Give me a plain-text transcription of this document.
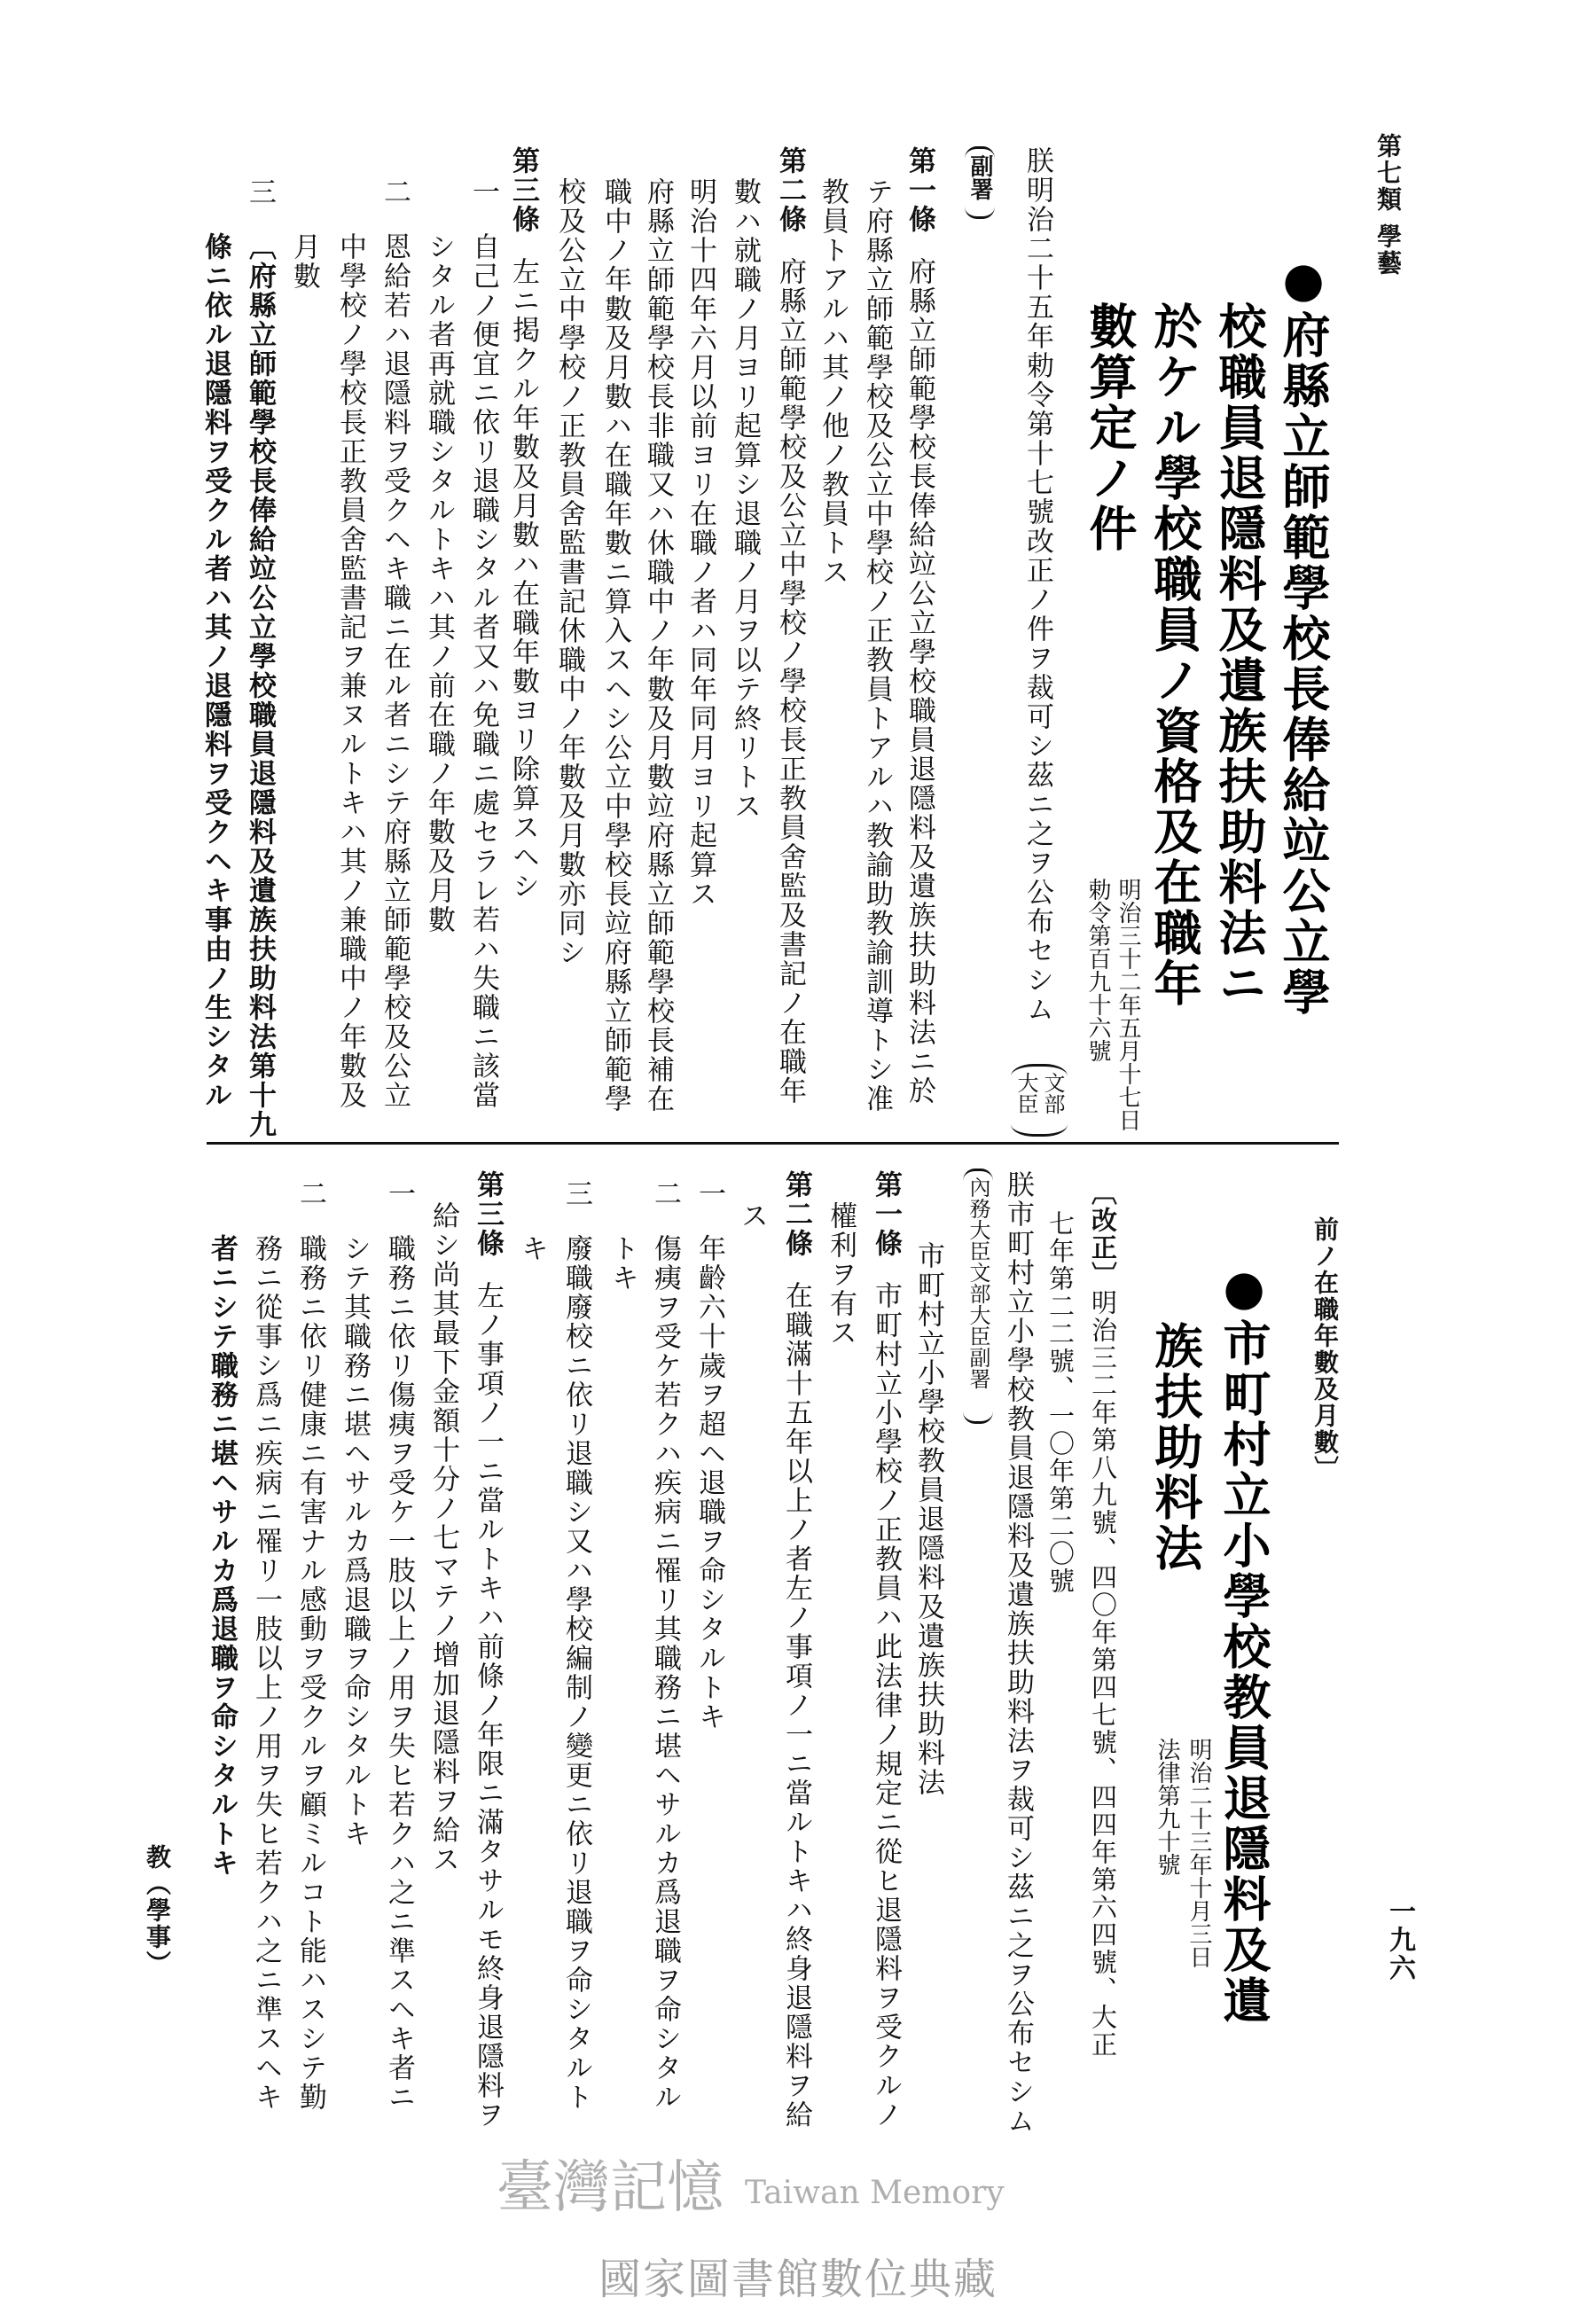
第七類 學藝
一九六
教（學事）
●府縣立師範學校長俸給竝公立學
校職員退隱料及遺族扶助料法ニ
於ケル學校職員ノ資格及在職年
數算定ノ件
明治三十二年五月十七日
勅令第百九十六號
朕明治二十五年勅令第十七號改正ノ件ヲ裁可シ茲ニ之ヲ公布セシム
文部大臣
副署
第一條府縣立師範學校長俸給竝公立學校職員退隱料及遺族扶助料法ニ於
テ府縣立師範學校及公立中學校ノ正教員トアルハ教諭助教諭訓導トシ准
教員トアルハ其ノ他ノ教員トス
第二條府縣立師範學校及公立中學校ノ學校長正教員舍監及書記ノ在職年
數ハ就職ノ月ヨリ起算シ退職ノ月ヲ以テ終リトス
明治十四年六月以前ヨリ在職ノ者ハ同年同月ヨリ起算ス
府縣立師範學校長非職又ハ休職中ノ年數及月數竝府縣立師範學校長補在
職中ノ年數及月數ハ在職年數ニ算入スヘシ公立中學校長竝府縣立師範學
校及公立中學校ノ正教員舍監書記休職中ノ年數及月數亦同シ
第三條左ニ掲クル年數及月數ハ在職年數ヨリ除算スヘシ
一
自己ノ便宜ニ依リ退職シタル者又ハ免職ニ處セラレ若ハ失職ニ該當
シタル者再就職シタルトキハ其ノ前在職ノ年數及月數
二
恩給若ハ退隱料ヲ受クヘキ職ニ在ル者ニシテ府縣立師範學校及公立
中學校ノ學校長正教員舍監書記ヲ兼ヌルトキハ其ノ兼職中ノ年數及
月數
三
〔府縣立師範學校長俸給竝公立學校職員退隱料及遺族扶助料法第十九
條ニ依ル退隱料ヲ受クル者ハ其ノ退隱料ヲ受クヘキ事由ノ生シタル
前ノ在職年數及月數〕
臺灣記憶 Taiwan Memory
●市町村立小學校教員退隱料及遺
族扶助料法
明治二十三年十月三日
法律第九十號
〔改正〕明治三二年第八九號、四〇年第四七號、四四年第六四號、大正
七年第二二號、一〇年第二〇號
朕市町村立小學校教員退隱料及遺族扶助料法ヲ裁可シ茲ニ之ヲ公布セシム
內務大臣文部大臣副署
市町村立小學校教員退隱料及遺族扶助料法
第一條市町村立小學校ノ正教員ハ此法律ノ規定ニ從ヒ退隱料ヲ受クルノ
權利ヲ有ス
第二條在職滿十五年以上ノ者左ノ事項ノ一ニ當ルトキハ終身退隱料ヲ給
ス
一
年齡六十歲ヲ超ヘ退職ヲ命シタルトキ
二
傷痍ヲ受ケ若クハ疾病ニ罹リ其職務ニ堪ヘサルカ爲退職ヲ命シタル
トキ
三
廢職廢校ニ依リ退職シ又ハ學校編制ノ變更ニ依リ退職ヲ命シタルト
キ
第三條左ノ事項ノ一ニ當ルトキハ前條ノ年限ニ滿タサルモ終身退隱料ヲ
給シ尚其最下金額十分ノ七マテノ增加退隱料ヲ給ス
一
職務ニ依リ傷痍ヲ受ケ一肢以上ノ用ヲ失ヒ若クハ之ニ準スヘキ者ニ
シテ其職務ニ堪ヘサルカ爲退職ヲ命シタルトキ
二
職務ニ依リ健康ニ有害ナル感動ヲ受クルヲ顧ミルコト能ハスシテ勤
務ニ從事シ爲ニ疾病ニ罹リ一肢以上ノ用ヲ失ヒ若クハ之ニ準スヘキ
者ニシテ職務ニ堪ヘサルカ爲退職ヲ命シタルトキ
國家圖書館數位典藏
